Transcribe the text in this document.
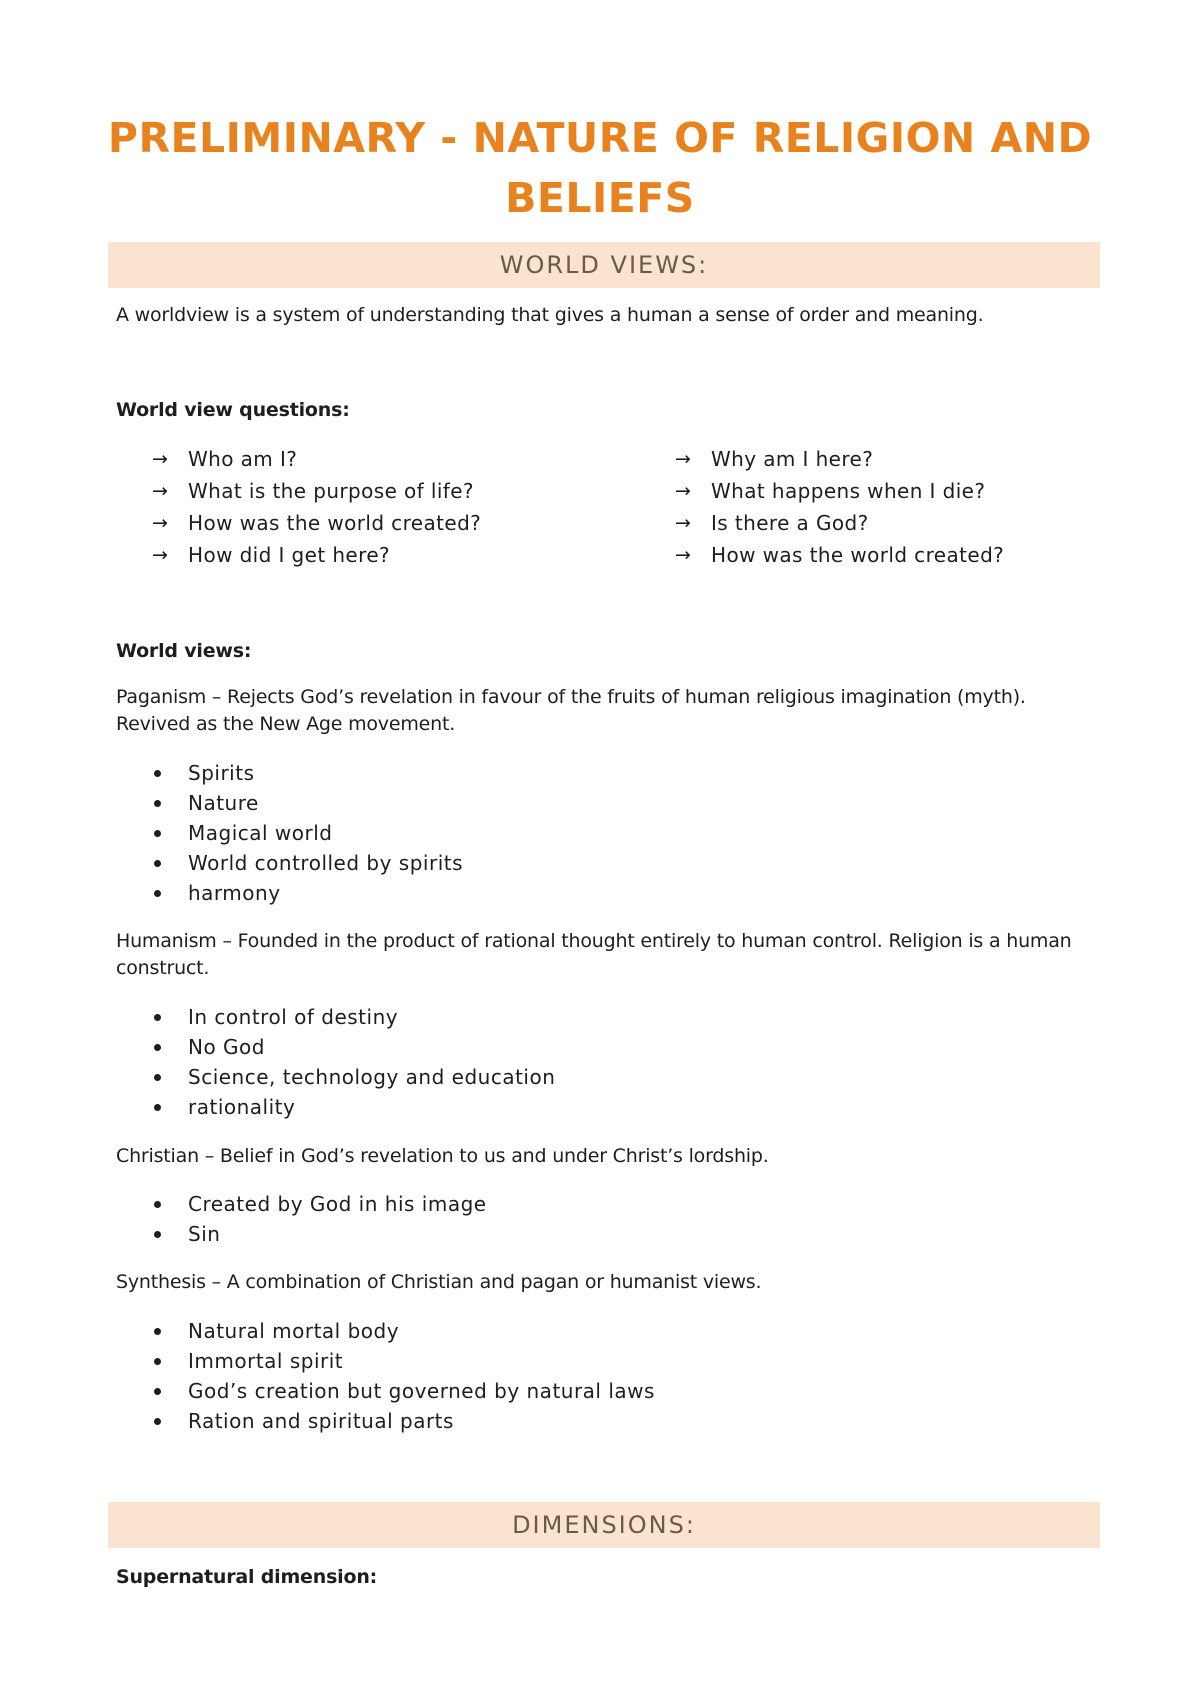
PRELIMINARY - NATURE OF RELIGION AND BELIEFS
WORLD VIEWS:

A worldview is a system of understanding that gives a human a sense of order and meaning.

World view questions:

→ Who am I?
→ What is the purpose of life?
→ How was the world created?
→ How did I get here?
→ Why am I here?
→ What happens when I die?
→ Is there a God?
→ How was the world created?

World views:

Paganism – Rejects God’s revelation in favour of the fruits of human religious imagination (myth). Revived as the New Age movement.

Spirits
Nature
Magical world
World controlled by spirits
harmony

Humanism – Founded in the product of rational thought entirely to human control. Religion is a human construct.

In control of destiny
No God
Science, technology and education
rationality

Christian – Belief in God’s revelation to us and under Christ’s lordship.

Created by God in his image
Sin

Synthesis – A combination of Christian and pagan or humanist views.

Natural mortal body
Immortal spirit
God’s creation but governed by natural laws
Ration and spiritual parts
DIMENSIONS:

Supernatural dimension:
